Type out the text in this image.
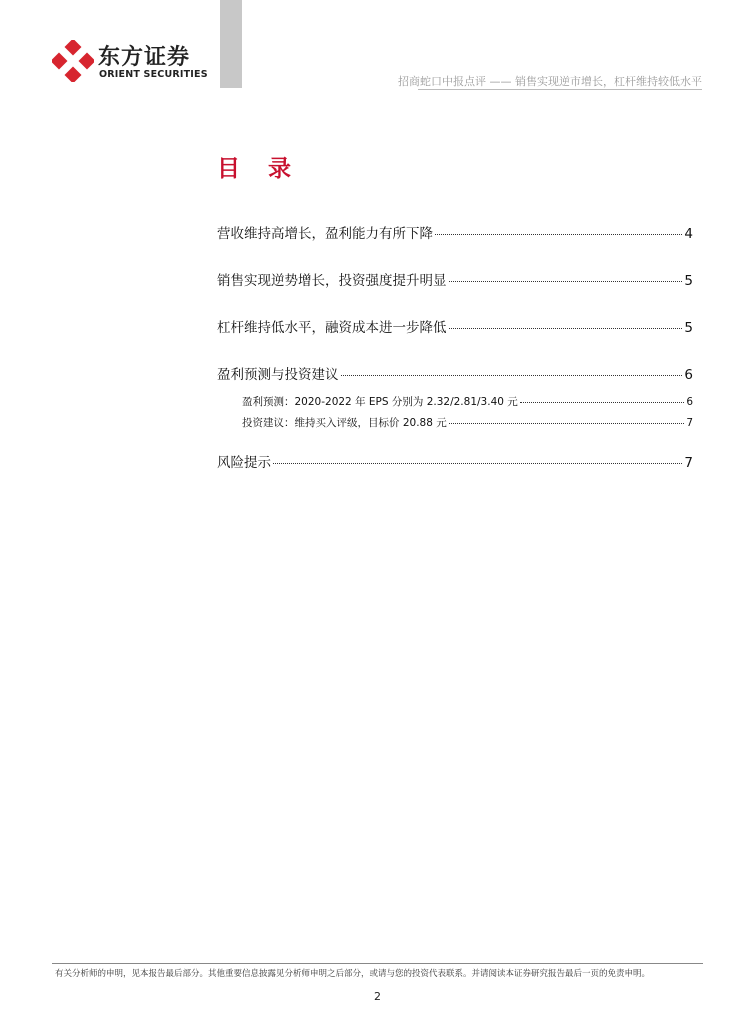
东方证券
ORIENT SECURITIES
招商蛇口中报点评 —— 销售实现逆市增长，杠杆维持较低水平
目 录
营收维持高增长，盈利能力有所下降	4
销售实现逆势增长，投资强度提升明显	5
杠杆维持低水平，融资成本进一步降低	5
盈利预测与投资建议	6
盈利预测：2020-2022 年 EPS 分别为 2.32/2.81/3.40 元	6
投资建议：维持买入评级，目标价 20.88 元	7
风险提示	7
有关分析师的申明，见本报告最后部分。其他重要信息披露见分析师申明之后部分，或请与您的投资代表联系。并请阅读本证券研究报告最后一页的免责申明。
2
